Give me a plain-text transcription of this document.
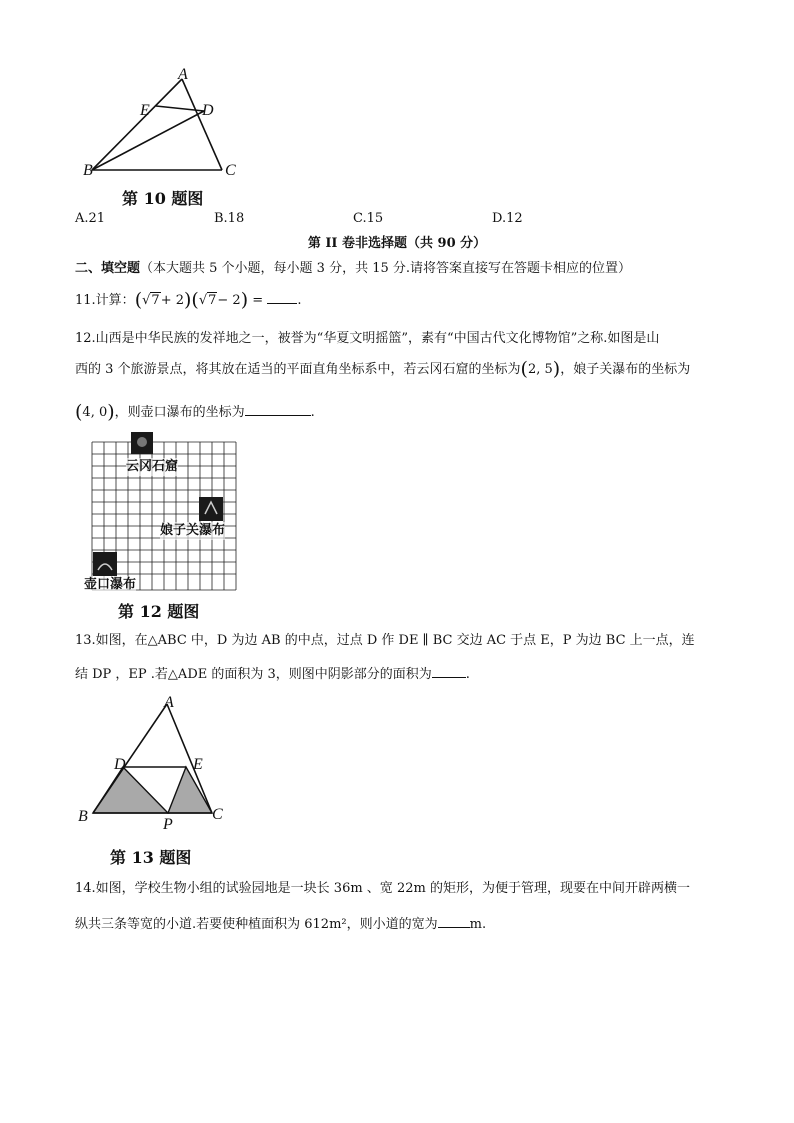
A
E	D
B	C
第 10 题图
A.21	B.18	C.15	D.12
第 II 卷非选择题（共 90 分）
二、填空题（本大题共 5 个小题，每小题 3 分，共 15 分.请将答案直接写在答题卡相应的位置）
11.计算：(√7+ 2)(√7− 2) =	.
12.山西是中华民族的发祥地之一，被誉为“华夏文明摇篮”，素有“中国古代文化博物馆”之称.如图是山
西的 3 个旅游景点，将其放在适当的平面直角坐标系中，若云冈石窟的坐标为(2, 5)，娘子关瀑布的坐标为
(4, 0)，则壶口瀑布的坐标为	.
云冈石窟
娘子关瀑布
壶口瀑布
第 12 题图
13.如图，在△ABC 中，D 为边 AB 的中点，过点 D 作 DE ∥ BC 交边 AC 于点 E，P 为边 BC 上一点，连
结 DP ，EP .若△ADE 的面积为 3，则图中阴影部分的面积为	.
A
D	E
B	P
C
第 13 题图
14.如图，学校生物小组的试验园地是一块长 36m 、宽 22m 的矩形，为便于管理，现要在中间开辟两横一
纵共三条等宽的小道.若要使种植面积为 612m²，则小道的宽为 m.
